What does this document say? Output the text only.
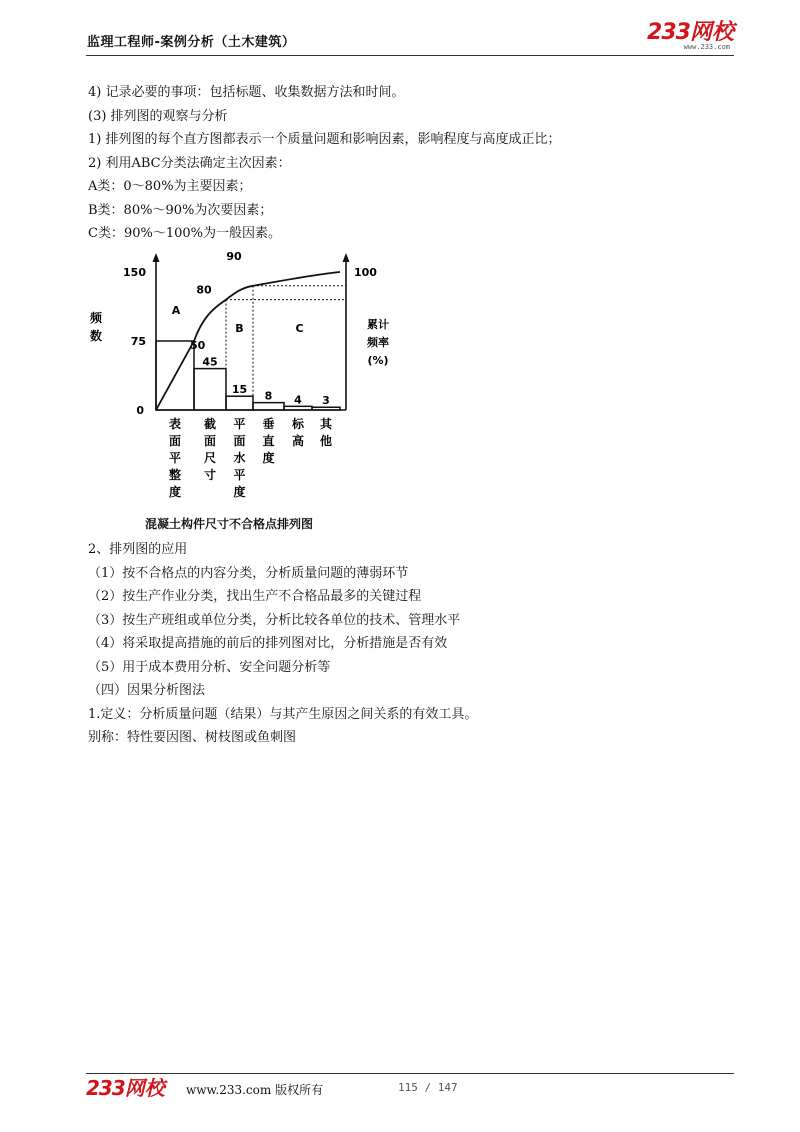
监理工程师-案例分析（土木建筑）	233网校
www.233.com
4) 记录必要的事项：包括标题、收集数据方法和时间。
(3) 排列图的观察与分析
1) 排列图的每个直方图都表示一个质量问题和影响因素，影响程度与高度成正比；
2) 利用ABC分类法确定主次因素：
A类：0～80%为主要因素；
B类：80%～90%为次要因素；
C类：90%～100%为一般因素。
0
75
150	100
频
数
累计
频率
(%)
50
表
面
平
整
度
45
截
面
尺
寸
15
平
面
水
平
度
8
垂
直
度
4
标
高
3
其
他
80
90
A
B	C
混凝土构件尺寸不合格点排列图
2、排列图的应用
（1）按不合格点的内容分类，分析质量问题的薄弱环节
（2）按生产作业分类，找出生产不合格品最多的关键过程
（3）按生产班组或单位分类，分析比较各单位的技术、管理水平
（4）将采取提高措施的前后的排列图对比，分析措施是否有效
（5）用于成本费用分析、安全问题分析等
（四）因果分析图法
1.定义：分析质量问题（结果）与其产生原因之间关系的有效工具。
别称：特性要因图、树枝图或鱼刺图
233网校 www.233.com 版权所有	115 / 147
